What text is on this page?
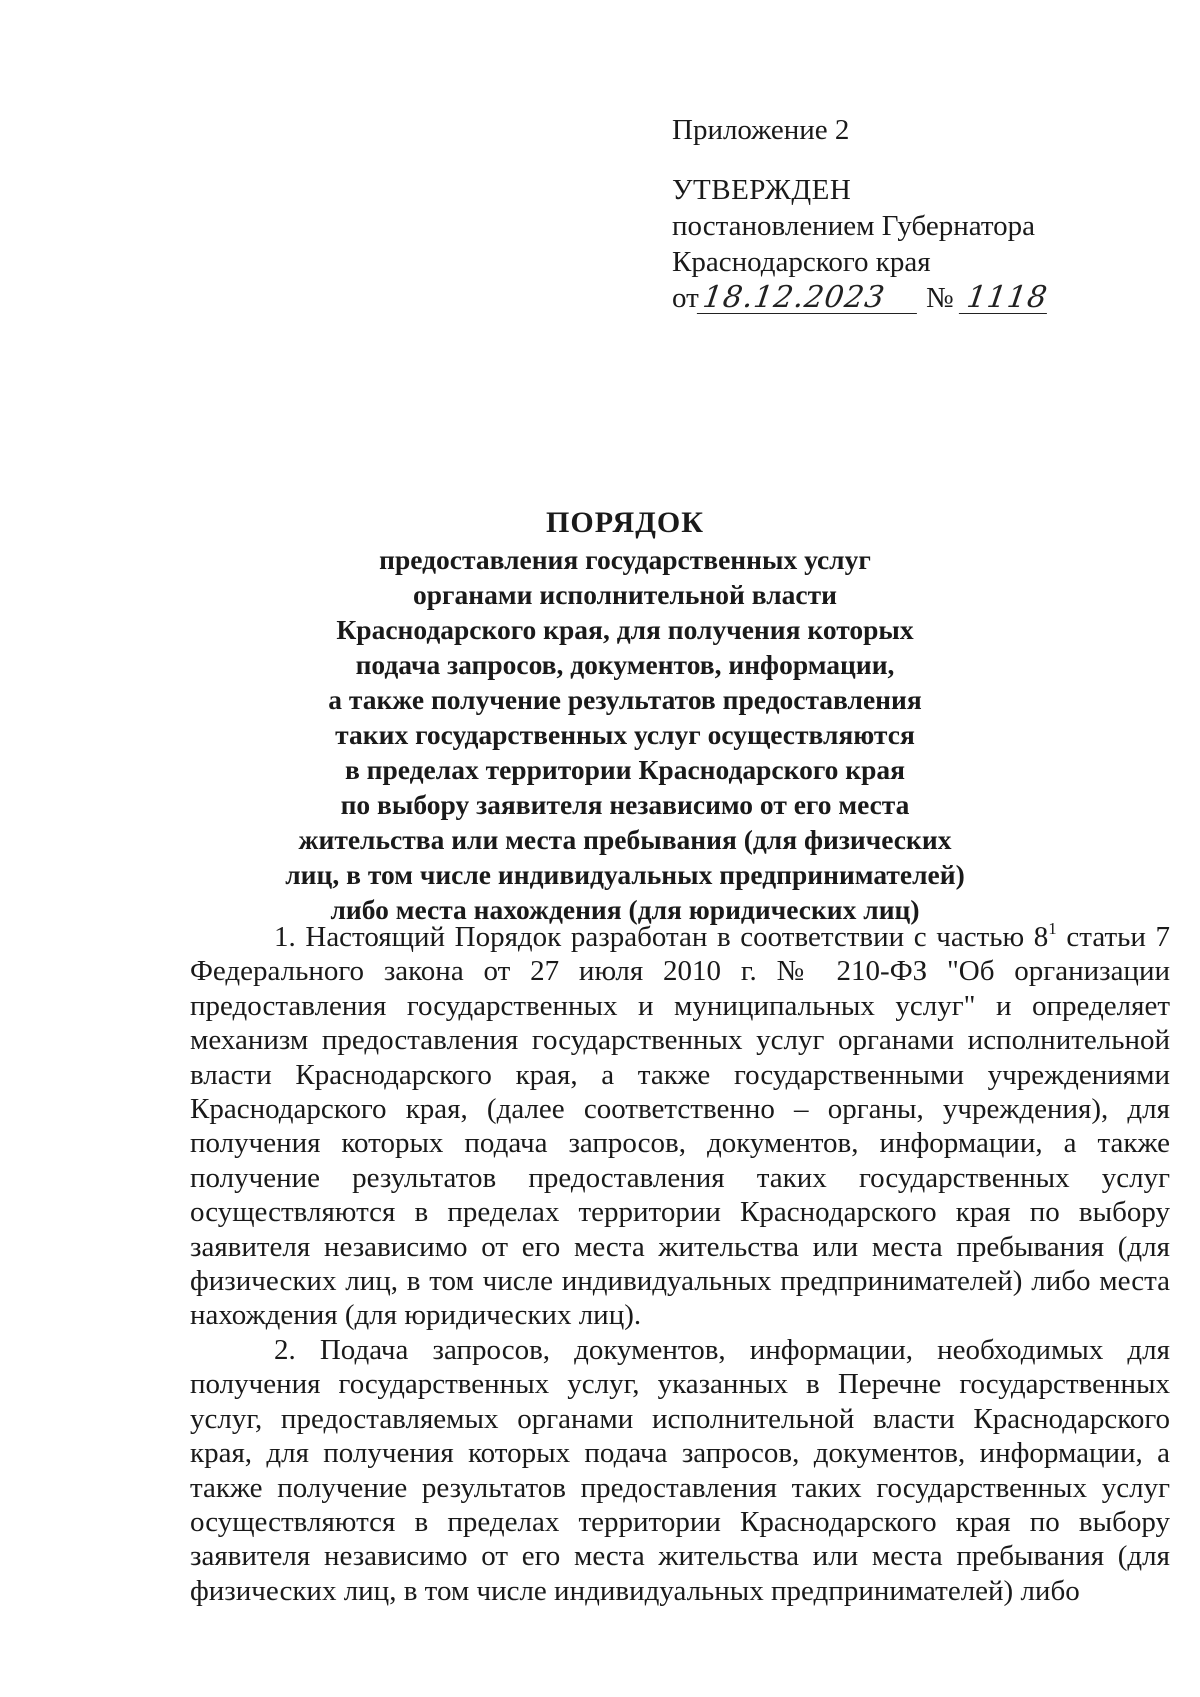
Приложение 2
УТВЕРЖДЕН
постановлением Губернатора
Краснодарского края
от18.12.2023 № 1118
ПОРЯДОК
предоставления государственных услуг
органами исполнительной власти
Краснодарского края, для получения которых
подача запросов, документов, информации,
а также получение результатов предоставления
таких государственных услуг осуществляются
в пределах территории Краснодарского края
по выбору заявителя независимо от его места
жительства или места пребывания (для физических
лиц, в том числе индивидуальных предпринимателей)
либо места нахождения (для юридических лиц)

1. Настоящий Порядок разработан в соответствии с частью $8^1$ статьи 7 Федерального закона от 27 июля 2010 г. № 210-ФЗ "Об организации предоставления государственных и муниципальных услуг" и определяет механизм предоставления государственных услуг органами исполнительной власти Краснодарского края, а также государственными учреждениями Краснодарского края, (далее соответственно – органы, учреждения), для получения которых подача запросов, документов, информации, а также получение результатов предоставления таких государственных услуг осуществляются в пределах территории Краснодарского края по выбору заявителя независимо от его места жительства или места пребывания (для физических лиц, в том числе индивидуальных предпринимателей) либо места нахождения (для юридических лиц).

2. Подача запросов, документов, информации, необходимых для получения государственных услуг, указанных в Перечне государственных услуг, предоставляемых органами исполнительной власти Краснодарского края, для получения которых подача запросов, документов, информации, а также получение результатов предоставления таких государственных услуг осуществляются в пределах территории Краснодарского края по выбору заявителя независимо от его места жительства или места пребывания (для физических лиц, в том числе индивидуальных предпринимателей) либо
